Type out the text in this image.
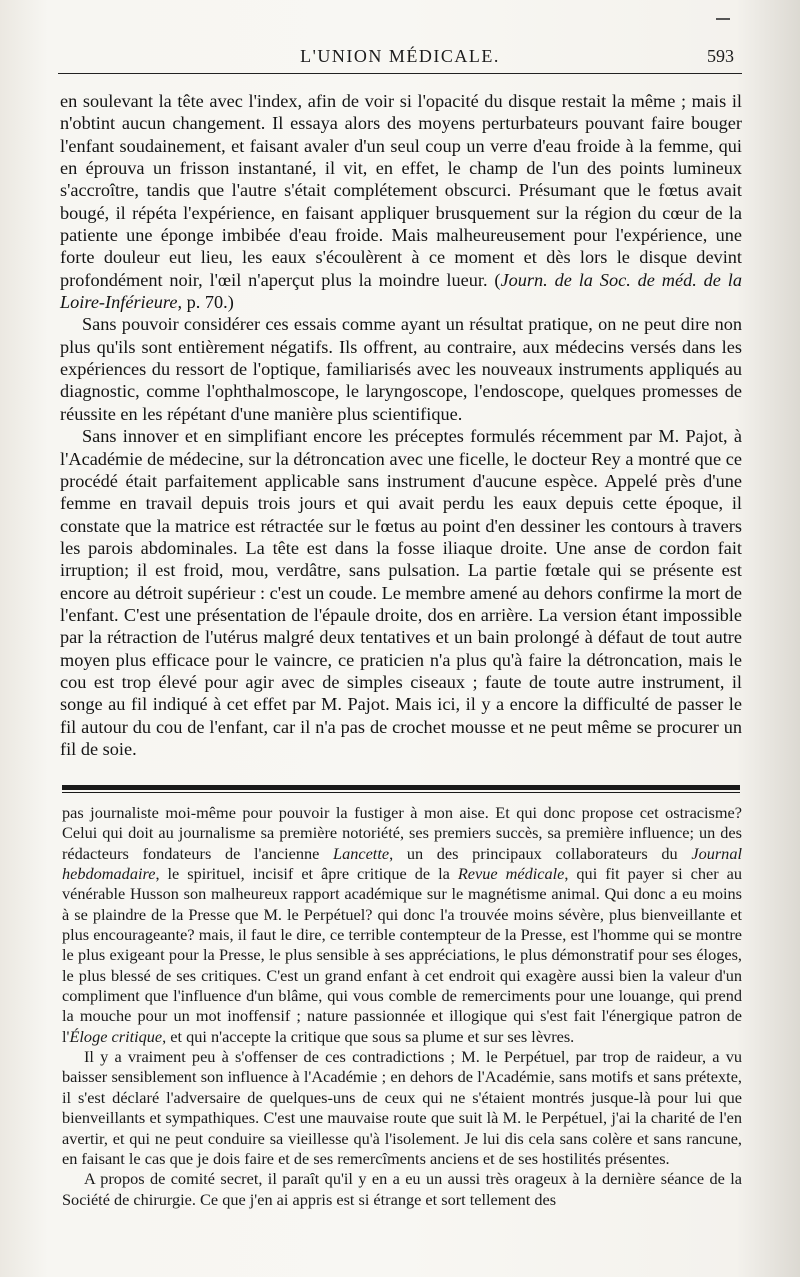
L'UNION MÉDICALE.	593

en soulevant la tête avec l'index, afin de voir si l'opacité du disque restait la même ; mais il n'obtint aucun changement. Il essaya alors des moyens perturbateurs pouvant faire bouger l'enfant soudainement, et faisant avaler d'un seul coup un verre d'eau froide à la femme, qui en éprouva un frisson instantané, il vit, en effet, le champ de l'un des points lumineux s'accroître, tandis que l'autre s'était complétement obscurci. Présumant que le fœtus avait bougé, il répéta l'expérience, en faisant appliquer brusquement sur la région du cœur de la patiente une éponge imbibée d'eau froide. Mais malheureusement pour l'expérience, une forte douleur eut lieu, les eaux s'écoulèrent à ce moment et dès lors le disque devint profondément noir, l'œil n'aperçut plus la moindre lueur. (Journ. de la Soc. de méd. de la Loire-Inférieure, p. 70.)

Sans pouvoir considérer ces essais comme ayant un résultat pratique, on ne peut dire non plus qu'ils sont entièrement négatifs. Ils offrent, au contraire, aux médecins versés dans les expériences du ressort de l'optique, familiarisés avec les nouveaux instruments appliqués au diagnostic, comme l'ophthalmoscope, le laryngoscope, l'endoscope, quelques promesses de réussite en les répétant d'une manière plus scientifique.

Sans innover et en simplifiant encore les préceptes formulés récemment par M. Pajot, à l'Académie de médecine, sur la détroncation avec une ficelle, le docteur Rey a montré que ce procédé était parfaitement applicable sans instrument d'aucune espèce. Appelé près d'une femme en travail depuis trois jours et qui avait perdu les eaux depuis cette époque, il constate que la matrice est rétractée sur le fœtus au point d'en dessiner les contours à travers les parois abdominales. La tête est dans la fosse iliaque droite. Une anse de cordon fait irruption; il est froid, mou, verdâtre, sans pulsation. La partie fœtale qui se présente est encore au détroit supérieur : c'est un coude. Le membre amené au dehors confirme la mort de l'enfant. C'est une présentation de l'épaule droite, dos en arrière. La version étant impossible par la rétraction de l'utérus malgré deux tentatives et un bain prolongé à défaut de tout autre moyen plus efficace pour le vaincre, ce praticien n'a plus qu'à faire la détroncation, mais le cou est trop élevé pour agir avec de simples ciseaux ; faute de toute autre instrument, il songe au fil indiqué à cet effet par M. Pajot. Mais ici, il y a encore la difficulté de passer le fil autour du cou de l'enfant, car il n'a pas de crochet mousse et ne peut même se procurer un fil de soie.

pas journaliste moi-même pour pouvoir la fustiger à mon aise. Et qui donc propose cet ostracisme? Celui qui doit au journalisme sa première notoriété, ses premiers succès, sa première influence; un des rédacteurs fondateurs de l'ancienne Lancette, un des principaux collaborateurs du Journal hebdomadaire, le spirituel, incisif et âpre critique de la Revue médicale, qui fit payer si cher au vénérable Husson son malheureux rapport académique sur le magnétisme animal. Qui donc a eu moins à se plaindre de la Presse que M. le Perpétuel? qui donc l'a trouvée moins sévère, plus bienveillante et plus encourageante? mais, il faut le dire, ce terrible contempteur de la Presse, est l'homme qui se montre le plus exigeant pour la Presse, le plus sensible à ses appréciations, le plus démonstratif pour ses éloges, le plus blessé de ses critiques. C'est un grand enfant à cet endroit qui exagère aussi bien la valeur d'un compliment que l'influence d'un blâme, qui vous comble de remerciments pour une louange, qui prend la mouche pour un mot inoffensif ; nature passionnée et illogique qui s'est fait l'énergique patron de l'Éloge critique, et qui n'accepte la critique que sous sa plume et sur ses lèvres.

Il y a vraiment peu à s'offenser de ces contradictions ; M. le Perpétuel, par trop de raideur, a vu baisser sensiblement son influence à l'Académie ; en dehors de l'Académie, sans motifs et sans prétexte, il s'est déclaré l'adversaire de quelques-uns de ceux qui ne s'étaient montrés jusque-là pour lui que bienveillants et sympathiques. C'est une mauvaise route que suit là M. le Perpétuel, j'ai la charité de l'en avertir, et qui ne peut conduire sa vieillesse qu'à l'isolement. Je lui dis cela sans colère et sans rancune, en faisant le cas que je dois faire et de ses remercîments anciens et de ses hostilités présentes.

A propos de comité secret, il paraît qu'il y en a eu un aussi très orageux à la dernière séance de la Société de chirurgie. Ce que j'en ai appris est si étrange et sort tellement des
